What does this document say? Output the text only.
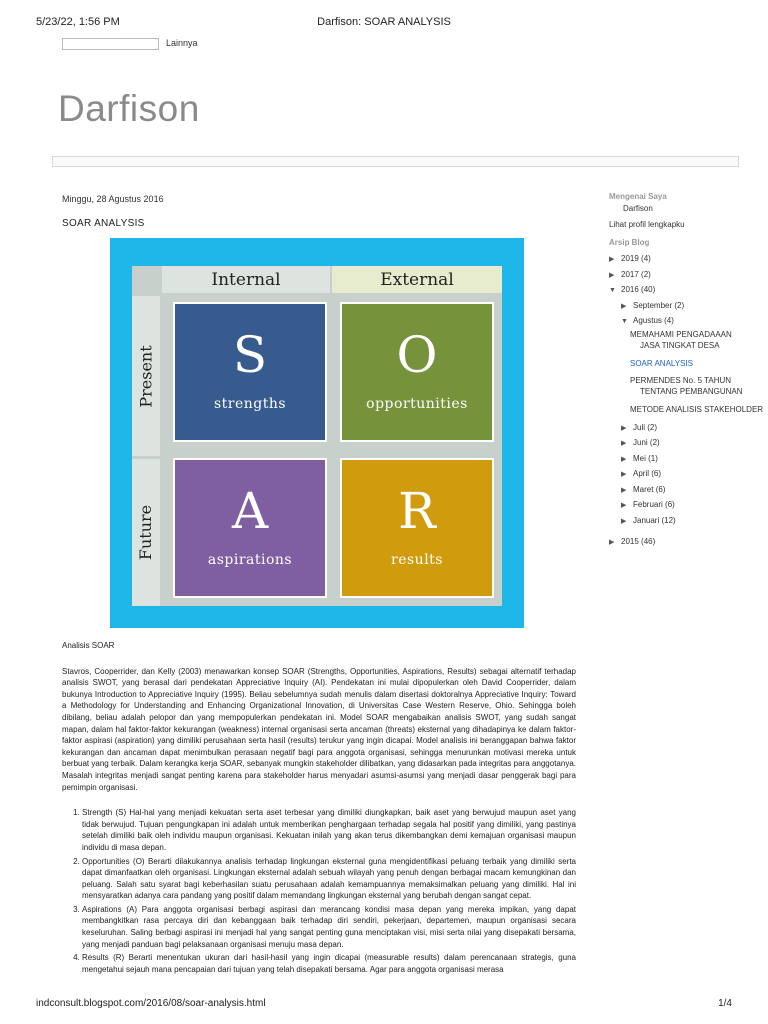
5/23/22, 1:56 PM	Darfison: SOAR ANALYSIS
Lainnya
Darfison

Minggu, 28 Agustus 2016

SOAR ANALYSIS
Internal	External
Present
Future
S
strengths
O
opportunities
A
aspirations
R
results

Analisis SOAR

Stavros, Cooperrider, dan Kelly (2003) menawarkan konsep SOAR (Strengths, Opportunities, Aspirations, Results) sebagai alternatif terhadap analisis SWOT, yang berasal dari pendekatan Appreciative Inquiry (AI). Pendekatan ini mulai dipopulerkan oleh David Cooperrider, dalam bukunya Introduction to Appreciative Inquiry (1995). Beliau sebelumnya sudah menulis dalam disertasi doktoralnya Appreciative Inquiry: Toward a Methodology for Understanding and Enhancing Organizational Innovation, di Universitas Case Western Reserve, Ohio. Sehingga boleh dibilang, beliau adalah pelopor dan yang mempopulerkan pendekatan ini. Model SOAR mengabaikan analisis SWOT, yang sudah sangat mapan, dalam hal faktor-faktor kekurangan (weakness) internal organisasi serta ancaman (threats) eksternal yang dihadapinya ke dalam faktor-faktor aspirasi (aspiration) yang dimiliki perusahaan serta hasil (results) terukur yang ingin dicapai. Model analisis ini beranggapan bahwa faktor kekurangan dan ancaman dapat menimbulkan perasaan negatif bagi para anggota organisasi, sehingga menurunkan motivasi mereka untuk berbuat yang terbaik. Dalam kerangka kerja SOAR, sebanyak mungkin stakeholder dilibatkan, yang didasarkan pada integritas para anggotanya. Masalah integritas menjadi sangat penting karena para stakeholder harus menyadari asumsi-asumsi yang menjadi dasar penggerak bagi para pemimpin organisasi.

1. Strength (S) Hal-hal yang menjadi kekuatan serta aset terbesar yang dimiliki diungkapkan, baik aset yang berwujud maupun aset yang tidak berwujud. Tujuan pengungkapan ini adalah untuk memberikan penghargaan terhadap segala hal positif yang dimiliki, yang pastinya setelah dimiliki baik oleh individu maupun organisasi. Kekuatan inilah yang akan terus dikembangkan demi kemajuan organisasi maupun individu di masa depan.
2. Opportunities (O) Berarti dilakukannya analisis terhadap lingkungan eksternal guna mengidentifikasi peluang terbaik yang dimiliki serta dapat dimanfaatkan oleh organisasi. Lingkungan eksternal adalah sebuah wilayah yang penuh dengan berbagai macam kemungkinan dan peluang. Salah satu syarat bagi keberhasilan suatu perusahaan adalah kemampuannya memaksimalkan peluang yang dimiliki. Hal ini mensyaratkan adanya cara pandang yang positif dalam memandang lingkungan eksternal yang berubah dengan sangat cepat.
3. Aspirations (A) Para anggota organisasi berbagi aspirasi dan merancang kondisi masa depan yang mereka impikan, yang dapat membangkitkan rasa percaya diri dan kebanggaan baik terhadap diri sendiri, pekerjaan, departemen, maupun organisasi secara keseluruhan. Saling berbagi aspirasi ini menjadi hal yang sangat penting guna menciptakan visi, misi serta nilai yang disepakati bersama, yang menjadi panduan bagi pelaksanaan organisasi menuju masa depan.
4. Results (R) Berarti menentukan ukuran dari hasil-hasil yang ingin dicapai (measurable results) dalam perencanaan strategis, guna mengetahui sejauh mana pencapaian dari tujuan yang telah disepakati bersama. Agar para anggota organisasi merasa

Mengenai Saya

Darfison
Lihat profil lengkapku

Arsip Blog

▶ 2019 (4)
▶ 2017 (2)
▼ 2016 (40)
▶ September (2)
▼ Agustus (4)
MEMAHAMI PENGADAAAN
JASA TINGKAT DESA
SOAR ANALYSIS
PERMENDES No. 5 TAHUN
TENTANG PEMBANGUNAN
METODE ANALISIS STAKEHOLDER
▶ Juli (2)
▶ Juni (2)
▶ Mei (1)
▶ April (6)
▶ Maret (6)
▶ Februari (6)
▶ Januari (12)
▶ 2015 (46)
indconsult.blogspot.com/2016/08/soar-analysis.html	1/4
